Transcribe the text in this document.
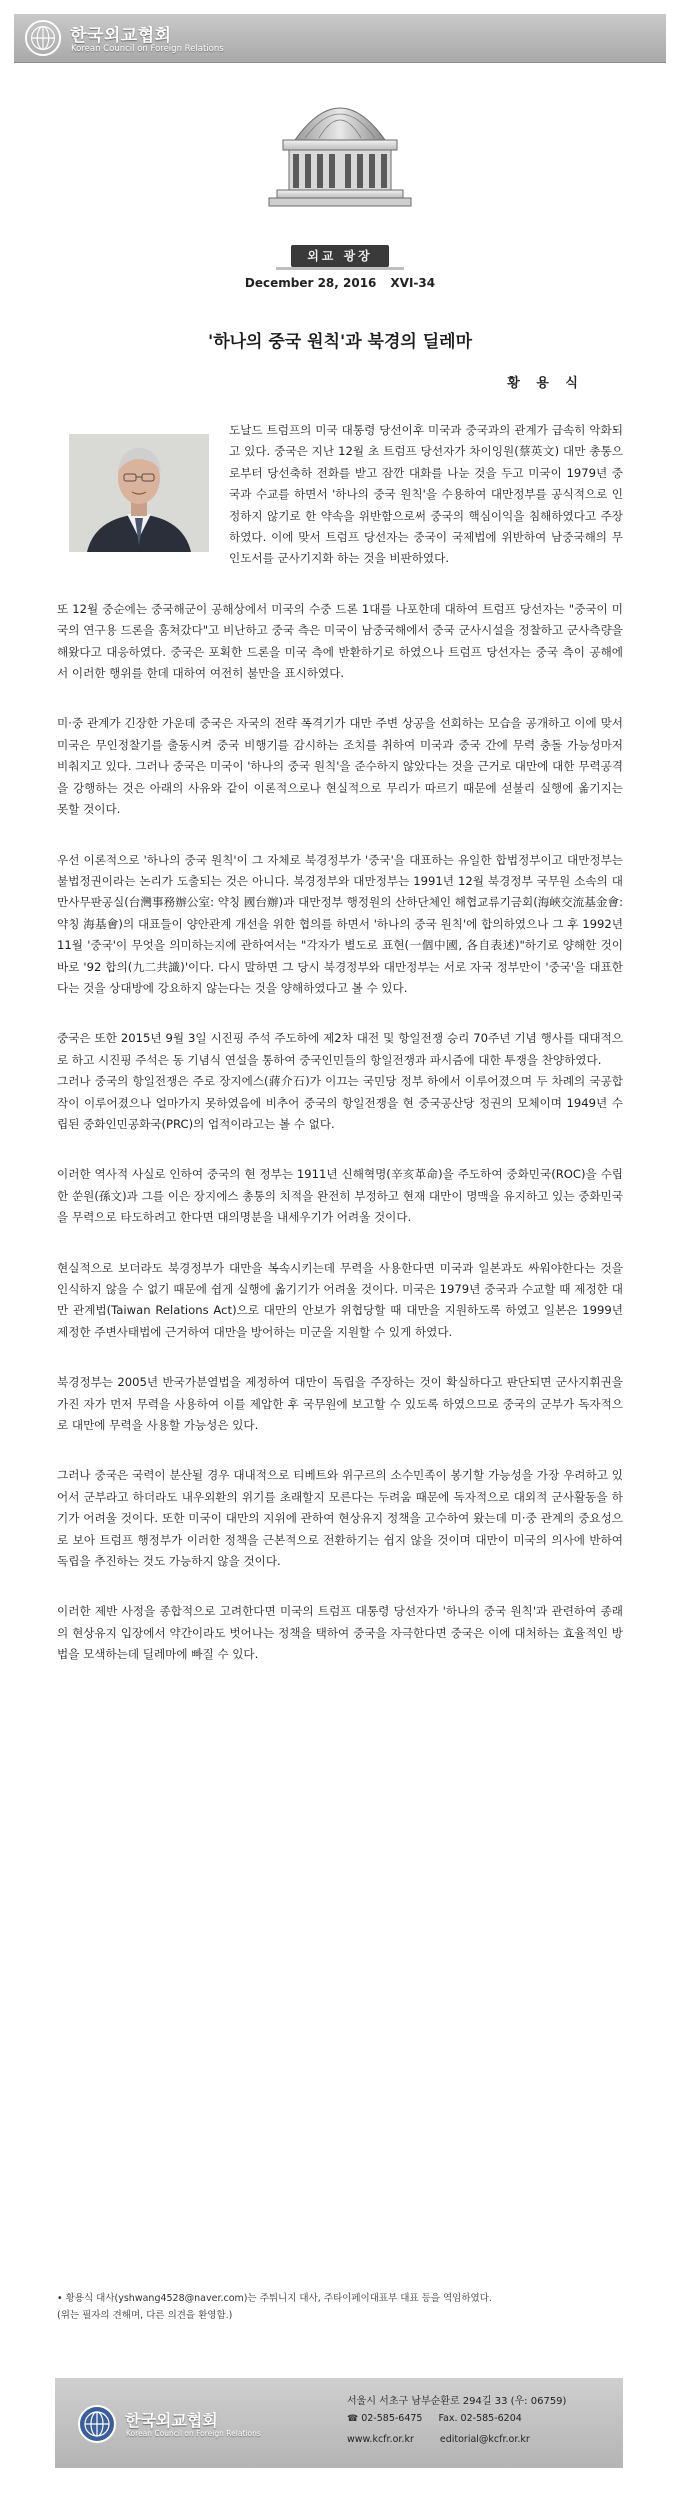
한국외교협회
Korean Council on Foreign Relations
외교 광장
December 28, 2016 XVI-34
'하나의 중국 원칙'과 북경의 딜레마
황 용 식

도날드 트럼프의 미국 대통령 당선이후 미국과 중국과의 관계가 급속히 악화되고 있다. 중국은 지난 12월 초 트럼프 당선자가 차이잉원(蔡英文) 대만 총통으로부터 당선축하 전화를 받고 잠깐 대화를 나눈 것을 두고 미국이 1979년 중국과 수교를 하면서 '하나의 중국 원칙'을 수용하여 대만정부를 공식적으로 인정하지 않기로 한 약속을 위반함으로써 중국의 핵심이익을 침해하였다고 주장하였다. 이에 맞서 트럼프 당선자는 중국이 국제법에 위반하여 남중국해의 무인도서를 군사기지화 하는 것을 비판하였다.

또 12월 중순에는 중국해군이 공해상에서 미국의 수중 드론 1대를 나포한데 대하여 트럼프 당선자는 "중국이 미국의 연구용 드론을 훔쳐갔다"고 비난하고 중국 측은 미국이 남중국해에서 중국 군사시설을 정찰하고 군사측량을 해왔다고 대응하였다. 중국은 포획한 드론을 미국 측에 반환하기로 하였으나 트럼프 당선자는 중국 측이 공해에서 이러한 행위를 한데 대하여 여전히 불만을 표시하였다.

미·중 관계가 긴장한 가운데 중국은 자국의 전략 폭격기가 대만 주변 상공을 선회하는 모습을 공개하고 이에 맞서 미국은 무인정찰기를 출동시켜 중국 비행기를 감시하는 조치를 취하여 미국과 중국 간에 무력 충돌 가능성마저 비춰지고 있다. 그러나 중국은 미국이 '하나의 중국 원칙'을 준수하지 않았다는 것을 근거로 대만에 대한 무력공격을 강행하는 것은 아래의 사유와 같이 이론적으로나 현실적으로 무리가 따르기 때문에 섣불리 실행에 옮기지는 못할 것이다.

우선 이론적으로 '하나의 중국 원칙'이 그 자체로 북경정부가 '중국'을 대표하는 유일한 합법정부이고 대만정부는 불법정권이라는 논리가 도출되는 것은 아니다. 북경정부와 대만정부는 1991년 12월 북경정부 국무원 소속의 대만사무판공실(台灣事務辦公室: 약칭 國台辦)과 대만정부 행정원의 산하단체인 해협교류기금회(海峽交流基金會: 약칭 海基會)의 대표들이 양안관계 개선을 위한 협의를 하면서 '하나의 중국 원칙'에 합의하였으나 그 후 1992년 11월 '중국'이 무엇을 의미하는지에 관하여서는 "각자가 별도로 표현(一個中國, 各自表述)"하기로 양해한 것이 바로 '92 합의(九二共識)'이다. 다시 말하면 그 당시 북경정부와 대만정부는 서로 자국 정부만이 '중국'을 대표한다는 것을 상대방에 강요하지 않는다는 것을 양해하였다고 볼 수 있다.

중국은 또한 2015년 9월 3일 시진핑 주석 주도하에 제2차 대전 및 항일전쟁 승리 70주년 기념 행사를 대대적으로 하고 시진핑 주석은 동 기념식 연설을 통하여 중국인민들의 항일전쟁과 파시즘에 대한 투쟁을 찬양하였다.
그러나 중국의 항일전쟁은 주로 장지에스(蔣介石)가 이끄는 국민당 정부 하에서 이루어졌으며 두 차례의 국공합작이 이루어졌으나 얼마가지 못하였음에 비추어 중국의 항일전쟁을 현 중국공산당 정권의 모체이며 1949년 수립된 중화인민공화국(PRC)의 업적이라고는 볼 수 없다.

이러한 역사적 사실로 인하여 중국의 현 정부는 1911년 신해혁명(辛亥革命)을 주도하여 중화민국(ROC)을 수립한 쑨원(孫文)과 그를 이은 장지에스 총통의 치적을 완전히 부정하고 현재 대만이 명맥을 유지하고 있는 중화민국을 무력으로 타도하려고 한다면 대의명분을 내세우기가 어려울 것이다.

현실적으로 보더라도 북경정부가 대만을 복속시키는데 무력을 사용한다면 미국과 일본과도 싸워야한다는 것을 인식하지 않을 수 없기 때문에 쉽게 실행에 옮기기가 어려울 것이다. 미국은 1979년 중국과 수교할 때 제정한 대만 관계법(Taiwan Relations Act)으로 대만의 안보가 위협당할 때 대만을 지원하도록 하였고 일본은 1999년 제정한 주변사태법에 근거하여 대만을 방어하는 미군을 지원할 수 있게 하였다.

북경정부는 2005년 반국가분열법을 제정하여 대만이 독립을 주장하는 것이 확실하다고 판단되면 군사지휘권을 가진 자가 먼저 무력을 사용하여 이를 제압한 후 국무원에 보고할 수 있도록 하였으므로 중국의 군부가 독자적으로 대만에 무력을 사용할 가능성은 있다.

그러나 중국은 국력이 분산될 경우 대내적으로 티베트와 위구르의 소수민족이 봉기할 가능성을 가장 우려하고 있어서 군부라고 하더라도 내우외환의 위기를 초래할지 모른다는 두려움 때문에 독자적으로 대외적 군사활동을 하기가 어려울 것이다. 또한 미국이 대만의 지위에 관하여 현상유지 정책을 고수하여 왔는데 미·중 관계의 중요성으로 보아 트럼프 행정부가 이러한 정책을 근본적으로 전환하기는 쉽지 않을 것이며 대만이 미국의 의사에 반하여 독립을 추진하는 것도 가능하지 않을 것이다.

이러한 제반 사정을 종합적으로 고려한다면 미국의 트럼프 대통령 당선자가 '하나의 중국 원칙'과 관련하여 종래의 현상유지 입장에서 약간이라도 벗어나는 정책을 택하여 중국을 자극한다면 중국은 이에 대처하는 효율적인 방법을 모색하는데 딜레마에 빠질 수 있다.

• 황용식 대사(yshwang4528@naver.com)는 주튀니지 대사, 주타이페이대표부 대표 등을 역임하였다.
(위는 필자의 견해며, 다른 의견을 환영함.)
한국외교협회
Korean Council on Foreign Relations
서울시 서초구 남부순환로 294길 33 (우: 06759)
☎ 02-585-6475 Fax. 02-585-6204
www.kcfr.or.kr	editorial@kcfr.or.kr
